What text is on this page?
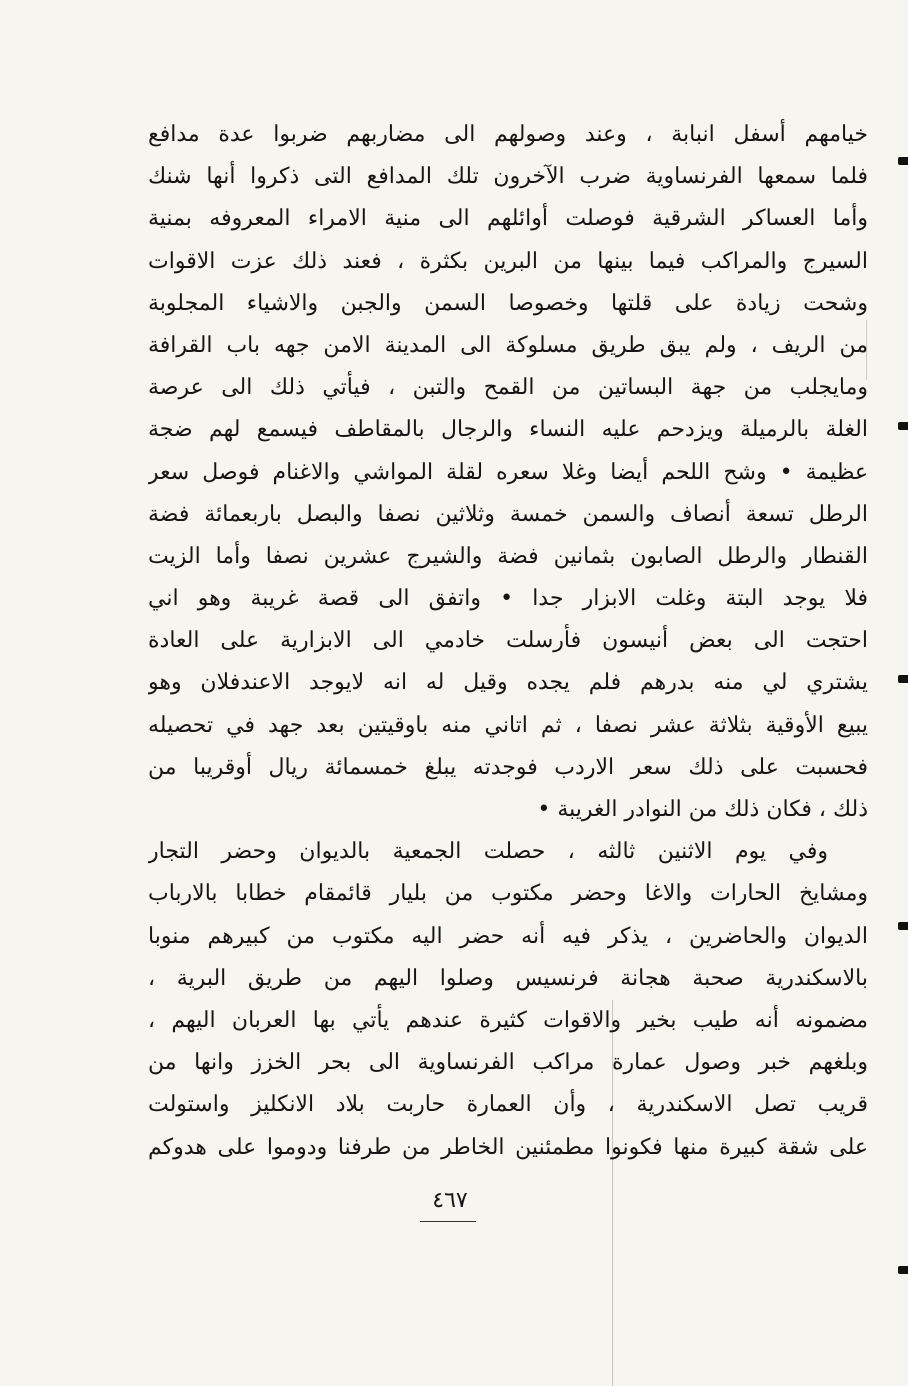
خيامهم أسفل انبابة ، وعند وصولهم الى مضاربهم ضربوا عدة مدافع
فلما سمعها الفرنساوية ضرب الآخرون تلك المدافع التى ذكروا أنها شنك
وأما العساكر الشرقية فوصلت أوائلهم الى منية الامراء المعروفه بمنية
السيرج والمراكب فيما بينها من البرين بكثرة ، فعند ذلك عزت الاقوات
وشحت زيادة على قلتها وخصوصا السمن والجبن والاشياء المجلوبة
من الريف ، ولم يبق طريق مسلوكة الى المدينة الامن جهه باب القرافة
ومايجلب من جهة البساتين من القمح والتبن ، فيأتي ذلك الى عرصة
الغلة بالرميلة ويزدحم عليه النساء والرجال بالمقاطف فيسمع لهم ضجة
عظيمة • وشح اللحم أيضا وغلا سعره لقلة المواشي والاغنام فوصل سعر
الرطل تسعة أنصاف والسمن خمسة وثلاثين نصفا والبصل باربعمائة فضة
القنطار والرطل الصابون بثمانين فضة والشيرج عشرين نصفا وأما الزيت
فلا يوجد البتة وغلت الابزار جدا • واتفق الى قصة غريبة وهو اني
احتجت الى بعض أنيسون فأرسلت خادمي الى الابزارية على العادة
يشتري لي منه بدرهم فلم يجده وقيل له انه لايوجد الاعندفلان وهو
يبيع الأوقية بثلاثة عشر نصفا ، ثم اتاني منه باوقيتين بعد جهد في تحصيله
فحسبت على ذلك سعر الاردب فوجدته يبلغ خمسمائة ريال أوقريبا من
ذلك ، فكان ذلك من النوادر الغريبة •
وفي يوم الاثنين ثالثه ، حصلت الجمعية بالديوان وحضر التجار
ومشايخ الحارات والاغا وحضر مكتوب من بليار قائمقام خطابا بالارباب
الديوان والحاضرين ، يذكر فيه أنه حضر اليه مكتوب من كبيرهم منوبا
بالاسكندرية صحبة هجانة فرنسيس وصلوا اليهم من طريق البرية ،
مضمونه أنه طيب بخير والاقوات كثيرة عندهم يأتي بها العربان اليهم ،
وبلغهم خبر وصول عمارة مراكب الفرنساوية الى بحر الخزز وانها من
قريب تصل الاسكندرية ، وأن العمارة حاربت بلاد الانكليز واستولت
على شقة كبيرة منها فكونوا مطمئنين الخاطر من طرفنا ودوموا على هدوكم
٤٦٧
